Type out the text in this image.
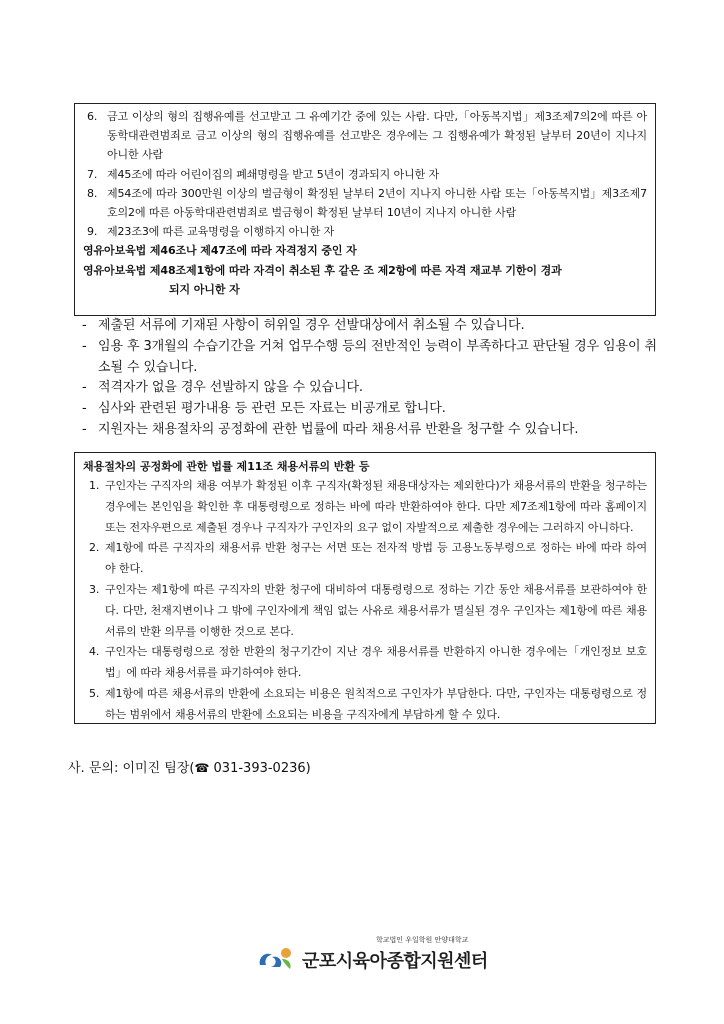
6. 금고 이상의 형의 집행유예를 선고받고 그 유예기간 중에 있는 사람. 다만,「아동복지법」제3조제7의2에 따른 아동학대관련범죄로 금고 이상의 형의 집행유예를 선고받은 경우에는 그 집행유예가 확정된 날부터 20년이 지나지 아니한 사람
7. 제45조에 따라 어린이집의 폐쇄명령을 받고 5년이 경과되지 아니한 자
8. 제54조에 따라 300만원 이상의 벌금형이 확정된 날부터 2년이 지나지 아니한 사람 또는「아동복지법」제3조제7호의2에 따른 아동학대관련범죄로 벌금형이 확정된 날부터 10년이 지나지 아니한 사람
9. 제23조3에 따른 교육명령을 이행하지 아니한 자
영유아보육법 제46조나 제47조에 따라 자격정지 중인 자
영유아보육법 제48조제1항에 따라 자격이 취소된 후 같은 조 제2항에 따른 자격 재교부 기한이 경과
되지 아니한 자
- 제출된 서류에 기재된 사항이 허위일 경우 선발대상에서 취소될 수 있습니다.
- 임용 후 3개월의 수습기간을 거쳐 업무수행 등의 전반적인 능력이 부족하다고 판단될 경우 임용이 취소될 수 있습니다.
- 적격자가 없을 경우 선발하지 않을 수 있습니다.
- 심사와 관련된 평가내용 등 관련 모든 자료는 비공개로 합니다.
- 지원자는 채용절차의 공정화에 관한 법률에 따라 채용서류 반환을 청구할 수 있습니다.
채용절차의 공정화에 관한 법률 제11조 채용서류의 반환 등
1. 구인자는 구직자의 채용 여부가 확정된 이후 구직자(확정된 채용대상자는 제외한다)가 채용서류의 반환을 청구하는 경우에는 본인임을 확인한 후 대통령령으로 정하는 바에 따라 반환하여야 한다. 다만 제7조제1항에 따라 홈페이지 또는 전자우편으로 제출된 경우나 구직자가 구인자의 요구 없이 자발적으로 제출한 경우에는 그러하지 아니하다.
2. 제1항에 따른 구직자의 채용서류 반환 청구는 서면 또는 전자적 방법 등 고용노동부령으로 정하는 바에 따라 하여야 한다.
3. 구인자는 제1항에 따른 구직자의 반환 청구에 대비하여 대통령령으로 정하는 기간 동안 채용서류를 보관하여야 한다. 다만, 천재지변이나 그 밖에 구인자에게 책임 없는 사유로 채용서류가 멸실된 경우 구인자는 제1항에 따른 채용서류의 반환 의무를 이행한 것으로 본다.
4. 구인자는 대통령령으로 정한 반환의 청구기간이 지난 경우 채용서류를 반환하지 아니한 경우에는「개인정보 보호법」에 따라 채용서류를 파기하여야 한다.
5. 제1항에 따른 채용서류의 반환에 소요되는 비용은 원칙적으로 구인자가 부담한다. 다만, 구인자는 대통령령으로 정하는 범위에서 채용서류의 반환에 소요되는 비용을 구직자에게 부담하게 할 수 있다.
사. 문의: 이미진 팀장(☎ 031-393-0236)
학교법인 우일학원 안양대학교
군포시육아종합지원센터
